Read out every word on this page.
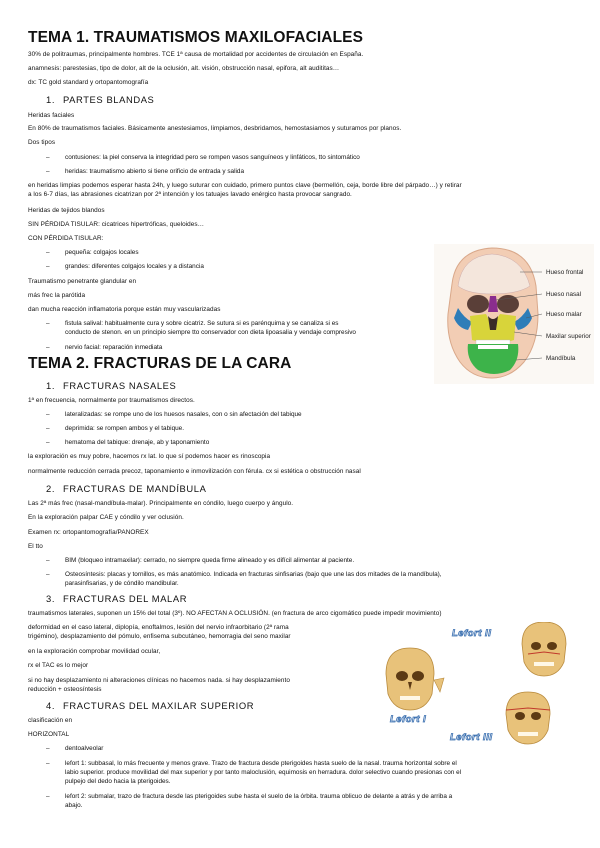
TEMA 1. TRAUMATISMOS MAXILOFACIALES
30% de politraumas, principalmente hombres. TCE 1ª causa de mortalidad por accidentes de circulación en España.
anamnesis: parestesias, tipo de dolor, alt de la oclusión, alt. visión, obstrucción nasal, epifora, alt audititas…
dx: TC gold standard y ortopantomografía
1. PARTES BLANDAS
Heridas faciales
En 80% de traumatismos faciales. Básicamente anestesiamos, limpiamos, desbridamos, hemostasiamos y suturamos por planos.
Dos tipos
– contusiones: la piel conserva la integridad pero se rompen vasos sanguíneos y linfáticos, tto sintomático
– heridas: traumatismo abierto si tiene orificio de entrada y salida
en heridas limpias podemos esperar hasta 24h, y luego suturar con cuidado, primero puntos clave (bermellón, ceja, borde libre del párpado…) y retirar
a los 6-7 días, las abrasiones cicatrizan por 2ª intención y los tatuajes lavado enérgico hasta provocar sangrado.
Heridas de tejidos blandos
SIN PÉRDIDA TISULAR: cicatrices hipertróficas, queloides…
CON PÉRDIDA TISULAR:
– pequeña: colgajos locales
– grandes: diferentes colgajos locales y a distancia
Traumatismo penetrante glandular en
más frec la parótida
dan mucha reacción inflamatoria porque están muy vascularizadas
– fistula salival: habitualmente cura y sobre cicatriz. Se sutura si es parénquima y se canaliza si es
conducto de stenon. en un principio siempre tto conservador con dieta lipoasalia y vendaje compresivo
– nervio facial: reparación inmediata
Hueso frontal
Hueso nasal
Hueso malar
Maxilar superior
Mandíbula
TEMA 2. FRACTURAS DE LA CARA
1. FRACTURAS NASALES
1ª en frecuencia, normalmente por traumatismos directos.
– lateralizadas: se rompe uno de los huesos nasales, con o sin afectación del tabique
– deprimida: se rompen ambos y el tabique.
– hematoma del tabique: drenaje, ab y taponamiento
la exploración es muy pobre, hacemos rx lat. lo que sí podemos hacer es rinoscopia
normalmente reducción cerrada precoz, taponamiento e inmovilización con férula. cx si estética o obstrucción nasal
2. FRACTURAS DE MANDÍBULA
Las 2ª más frec (nasal-mandíbula-malar). Principalmente en cóndilo, luego cuerpo y ángulo.
En la exploración palpar CAE y cóndilo y ver oclusión.
Examen rx: ortopantomografía/PANOREX
El tto
– BIM (bloqueo intramaxilar): cerrado, no siempre queda firme alineado y es difícil alimentar al paciente.
– Osteosíntesis: placas y tornillos, es más anatómico. Indicada en fracturas sinfisarias (bajo que une las dos mitades de la mandíbula),
parasinfisarias, y de cóndilo mandibular.
3. FRACTURAS DEL MALAR
traumatismos laterales, suponen un 15% del total (3º). NO AFECTAN A OCLUSIÓN. (en fractura de arco cigomático puede impedir movimiento)
deformidad en el caso lateral, diplopía, enoftalmos, lesión del nervio infraorbitario (2ª rama
trigémino), desplazamiento del pómulo, enfisema subcutáneo, hemorragia del seno maxilar
en la exploración comprobar movilidad ocular,
rx el TAC es lo mejor
si no hay desplazamiento ni alteraciones clínicas no hacemos nada. si hay desplazamiento
reducción + osteosíntesis
4. FRACTURAS DEL MAXILAR SUPERIOR
clasificación en
HORIZONTAL
– dentoalveolar
– lefort 1: subbasal, lo más frecuente y menos grave. Trazo de fractura desde pterigoides hasta suelo de la nasal. trauma horizontal sobre el
labio superior. produce movilidad del max superior y por tanto maloclusión, equimosis en herradura. dolor selectivo cuando presionas con el
pulpejo del dedo hacia la pterigoides.
– lefort 2: submalar, trazo de fractura desde las pterigoides sube hasta el suelo de la órbita. trauma oblicuo de delante a atrás y de arriba a
abajo.
Lefort II
Lefort I
Lefort III
